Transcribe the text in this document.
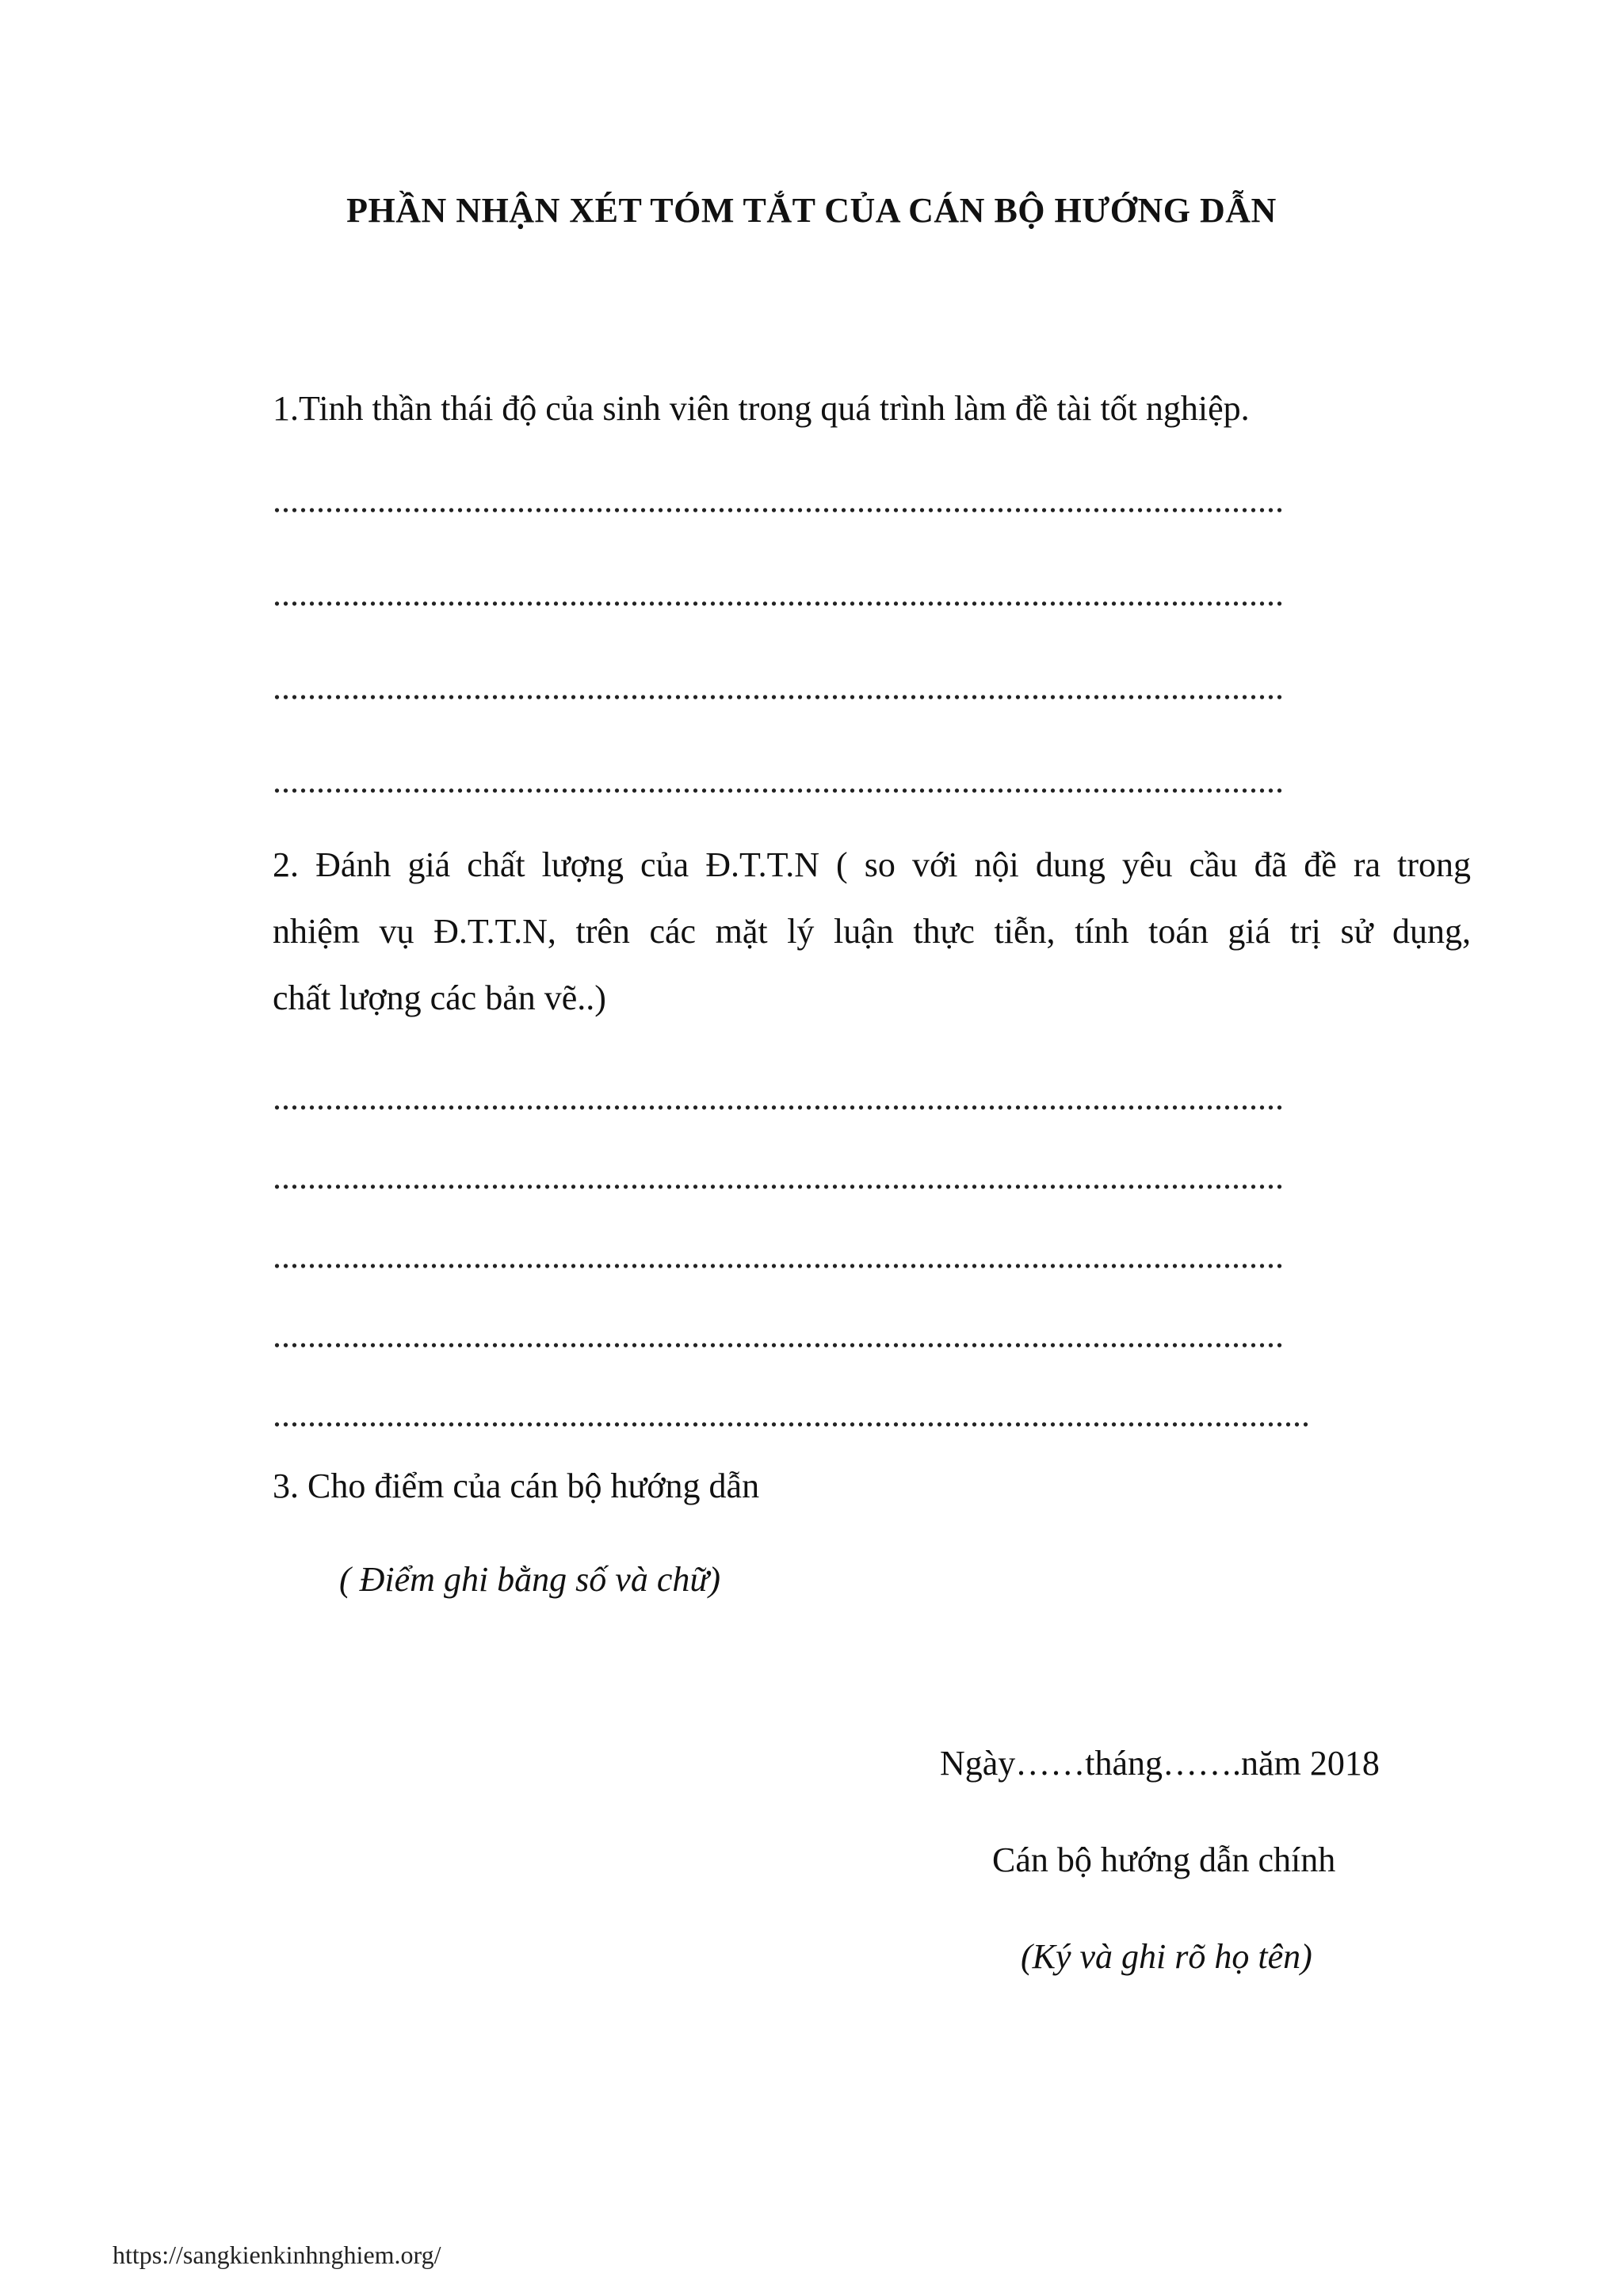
PHẦN NHẬN XÉT TÓM TẮT CỦA CÁN BỘ HƯỚNG DẪN

1.Tinh thần thái độ của sinh viên trong quá trình làm đề tài tốt nghiệp.

....................................................................................................................

....................................................................................................................

....................................................................................................................

....................................................................................................................

2. Đánh giá chất lượng của Đ.T.T.N ( so với nội dung yêu cầu đã đề ra trong
nhiệm vụ Đ.T.T.N, trên các mặt lý luận thực tiễn, tính toán giá trị sử dụng,
chất lượng các bản vẽ..)

....................................................................................................................

....................................................................................................................

....................................................................................................................

....................................................................................................................

.......................................................................................................................

3. Cho điểm của cán bộ hướng dẫn

( Điểm ghi bằng số và chữ)

Ngày……tháng…….năm 2018

Cán bộ hướng dẫn chính

(Ký và ghi rõ họ tên)

https://sangkienkinhnghiem.org/
